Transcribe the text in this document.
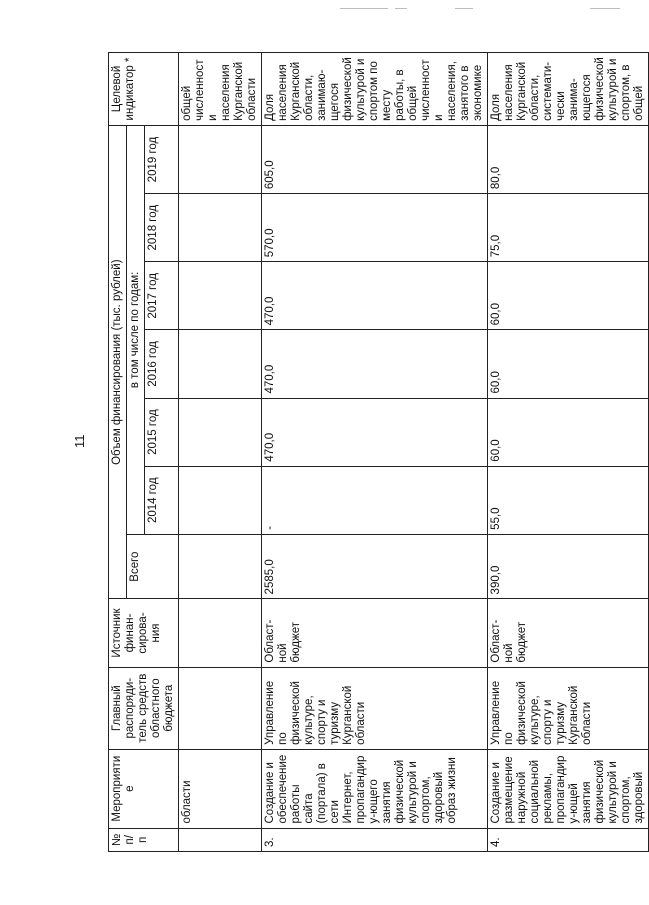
11
№ п/п	Мероприятие	Главный распоряди-тель средств областного бюджета	Источник финан-сирова-ния	Объем финансирования (тыс. рублей)							Целевой индикатор *
				Всего	в том числе по годам:						
					2014 год	2015 год	2016 год	2017 год	2018 год	2019 год	
	области										общей численности населения Курганской области
3.	Создание и обеспечение работы сайта (портала) в сети Интернет, пропагандиру-ющего занятия физической культурой и спортом, здоровый образ жизни	Управление по физической культуре, спорту и туризму Курганской области	Област-ной бюджет	2585,0	-	470,0	470,0	470,0	570,0	605,0	Доля населения Курганской области, занимаю-щегося физической культурой и спортом по месту работы, в общей численности населения, занятого в экономике
4.	Создание и размещение наружной социальной рекламы, пропагандиру-ющей занятия физической культурой и спортом, здоровый	Управление по физической культуре, спорту и туризму Курганской области	Област-ной бюджет	390,0	55,0	60,0	60,0	60,0	75,0	80,0	Доля населения Курганской области, системати-чески занима-ющегося физической культурой и спортом, в общей
